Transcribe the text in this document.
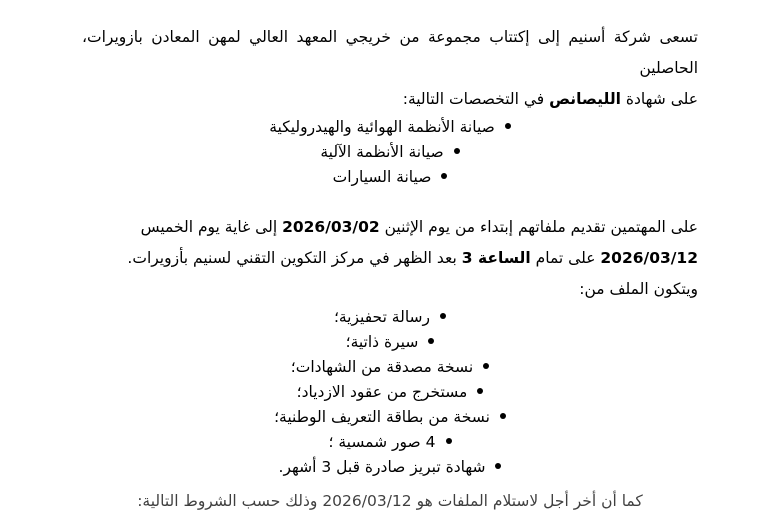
تسعى شركة أسنيم إلى إكتتاب مجموعة من خريجي المعهد العالي لمهن المعادن بازويرات، الحاصلين
على شهادة الليصانص في التخصصات التالية:

صيانة الأنظمة الهوائية والهيدروليكية
صيانة الأنظمة الآلية
صيانة السيارات

على المهتمين تقديم ملفاتهم إبتداء من يوم الإثنين 2026/03/02 إلى غاية يوم الخميس
2026/03/12 على تمام الساعة 3 بعد الظهر في مركز التكوين التقني لسنيم بأزويرات.

ويتكون الملف من:

رسالة تحفيزية؛
سيرة ذاتية؛
نسخة مصدقة من الشهادات؛
مستخرج من عقود الازدياد؛
نسخة من بطاقة التعريف الوطنية؛
4 صور شمسية ؛
شهادة تبريز صادرة قبل 3 أشهر.
كما أن أخر أجل لاستلام الملفات هو 2026/03/12 وذلك حسب الشروط التالية:
